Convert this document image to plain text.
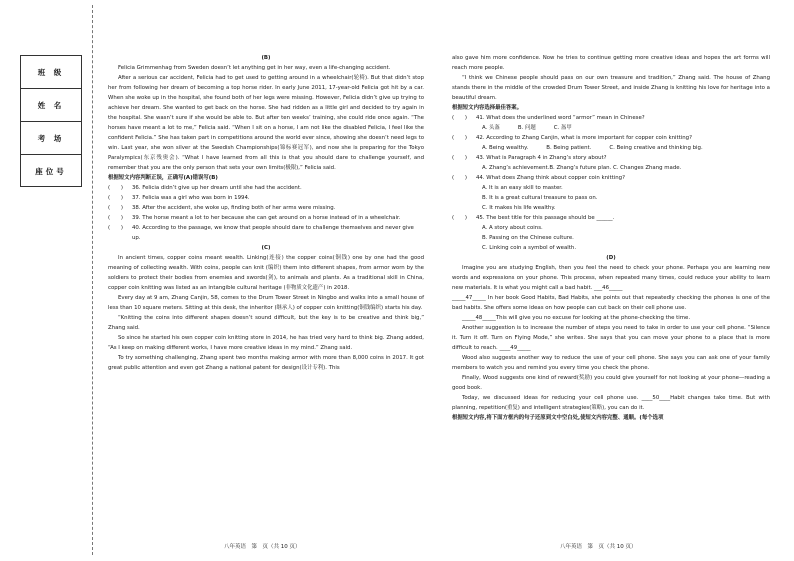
班 级
姓 名
考 场
座位号
(B)

Felicia Grimmenhag from Sweden doesn’t let anything get in her way, even a life-changing accident.

After a serious car accident, Felicia had to get used to getting around in a wheelchair(轮椅). But that didn’t stop her from following her dream of becoming a top horse rider. In early June 2011, 17-year-old Felicia got hit by a car. When she woke up in the hospital, she found both of her legs were missing. However, Felicia didn’t give up trying to achieve her dream. She wanted to get back on the horse. She had ridden as a little girl and decided to try again in the hospital. She wasn’t sure if she would be able to. But after ten weeks’ training, she could ride once again. “The horses have meant a lot to me,” Felicia said. “When I sit on a horse, I am not like the disabled Felicia, I feel like the confident Felicia.” She has taken part in competitions around the world ever since, showing she doesn’t need legs to win. Last year, she won silver at the Swedish Championships(锦标赛冠军), and now she is preparing for the Tokyo Paralympics(东京残奥会). “What I have learned from all this is that you should dare to challenge yourself, and remember that you are the only person that sets your own limits(极限),” Felicia said.

根据短文内容判断正误，正确写(A)错误写(B)
(　　)	36. Felicia didn’t give up her dream until she had the accident.
(　　)	37. Felicia was a girl who was born in 1994.
(　　)	38. After the accident, she woke up, finding both of her arms were missing.
(　　)	39. The horse meant a lot to her because she can get around on a horse instead of in a wheelchair.
(　　)	40. According to the passage, we know that people should dare to challenge themselves and never give up.
(C)

In ancient times, copper coins meant wealth. Linking(连接) the copper coins(铜钱) one by one had the good meaning of collecting wealth. With coins, people can knit (编织) them into different shapes, from armor worn by the soldiers to protect their bodies from enemies and swords(剑), to animals and plants. As a traditional skill in China, copper coin knitting was listed as an intangible cultural heritage (非物质文化遗产) in 2018.

Every day at 9 am, Zhang Canjin, 58, comes to the Drum Tower Street in Ningbo and walks into a small house of less than 10 square meters. Sitting at this desk, the inheritor (继承人) of copper coin knitting(铜钱编织) starts his day.

“Knitting the coins into different shapes doesn’t sound difficult, but the key is to be creative and think big,” Zhang said.

So since he started his own copper coin knitting store in 2014, he has tried very hard to think big. Zhang added, “As I keep on making different works, I have more creative ideas in my mind.” Zhang said.

To try something challenging, Zhang spent two months making armor with more than 8,000 coins in 2017. It got great public attention and even got Zhang a national patent for design(设计专利). This

also gave him more confidence. Now he tries to continue getting more creative ideas and hopes the art forms will reach more people.

“I think we Chinese people should pass on our own treasure and tradition,” Zhang said. The house of Zhang stands there in the middle of the crowded Drum Tower Street, and inside Zhang is knitting his love for heritage into a beautiful dream.

根据短文内容选择最佳答案。
(　　)	41. What does the underlined word “armor” mean in Chinese?
A. 头盔	B. 问题	C. 盔甲
(　　)	42. According to Zhang Canjin, what is more important for copper coin knitting?
A. Being wealthy.	B. Being patient.	C. Being creative and thinking big.
(　　)	43. What is Paragraph 4 in Zhang’s story about?
A. Zhang’s achievement.B. Zhang’s future plan. C. Changes Zhang made.
(　　)	44. What does Zhang think about copper coin knitting?
A. It is an easy skill to master.
B. It is a great cultural treasure to pass on.
C. It makes his life wealthy.
(　　)	45. The best title for this passage should be ______.
A. A story about coins.
B. Passing on the Chinese culture.
C. Linking coin a symbol of wealth.
(D)

Imagine you are studying English, then you feel the need to check your phone. Perhaps you are learning new words and expressions on your phone. This process, when repeated many times, could reduce your ability to learn new materials. It is what you might call a bad habit. ___46_____

_____47_____ In her book Good Habits, Bad Habits, she points out that repeatedly checking the phones is one of the bad habits. She offers some ideas on how people can cut back on their cell phone use.

_____48_____This will give you no excuse for looking at the phone-checking the time.

Another suggestion is to increase the number of steps you need to take in order to use your cell phone. “Silence it. Turn it off. Turn on Flying Mode,” she writes. She says that you can move your phone to a place that is more difficult to reach. ____49_____

Wood also suggests another way to reduce the use of your cell phone. She says you can ask one of your family members to watch you and remind you every time you check the phone.

Finally, Wood suggests one kind of reward(奖励) you could give yourself for not looking at your phone—reading a good book.

Today, we discussed ideas for reducing your cell phone use. ____50____Habit changes take time. But with planning, repetition(重复) and intelligent strategies(策略), you can do it.

根据短文内容,将下面方框内的句子还原到文中空白处,使短文内容完整、通顺。(每个选项
八年英语　第　页（共 10 页）	八年英语　第　页（共 10 页）
